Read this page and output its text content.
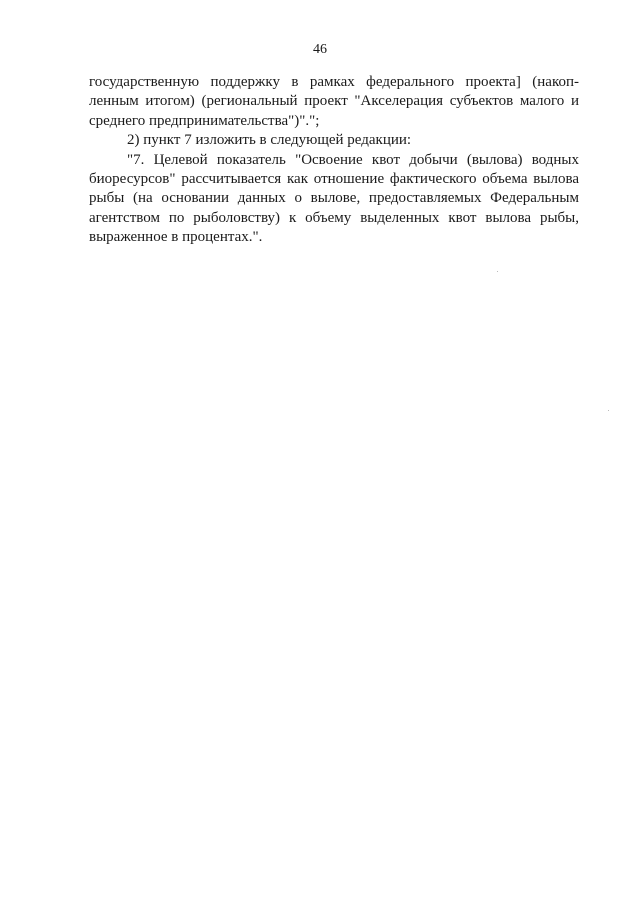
46

государственную поддержку в рамках федерального проекта] (накоп-ленным итогом) (региональный проект "Акселерация субъектов малого и среднего предпринимательства")".";

2) пункт 7 изложить в следующей редакции:

"7. Целевой показатель "Освоение квот добычи (вылова) водных биоресурсов" рассчитывается как отношение фактического объема вылова рыбы (на основании данных о вылове, предоставляемых Федеральным агентством по рыболовству) к объему выделенных квот вылова рыбы, выраженное в процентах.".
